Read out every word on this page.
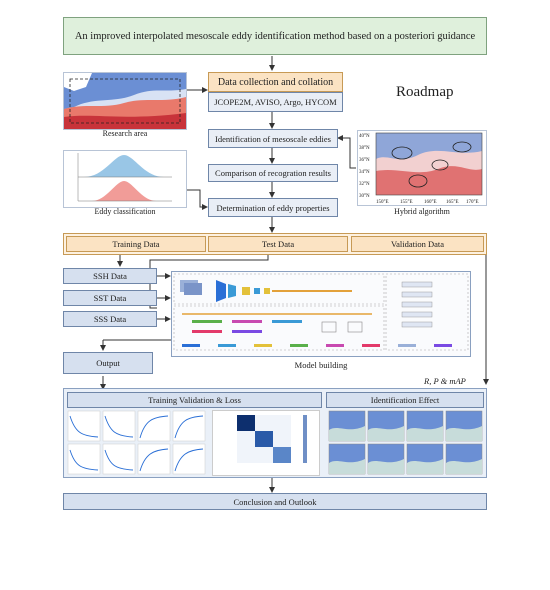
An improved interpolated mesoscale eddy identification method based on a posteriori guidance
Roadmap
Research area
Data collection and collation
JCOPE2M, AVISO, Argo, HYCOM
Identification of mesoscale eddies
Comparison of recogration results
Determination of eddy properties
Eddy classification
40°N
38°N
36°N
34°N
32°N
30°N
150°E 155°E 160°E 165°E 170°E
Hybrid algorithm
Training Data	Test Data	Validation Data
SSH Data
SST Data
SSS Data
Model building
Output
R, P & mAP
Training Validation & Loss	Identification Effect
Conclusion and Outlook
